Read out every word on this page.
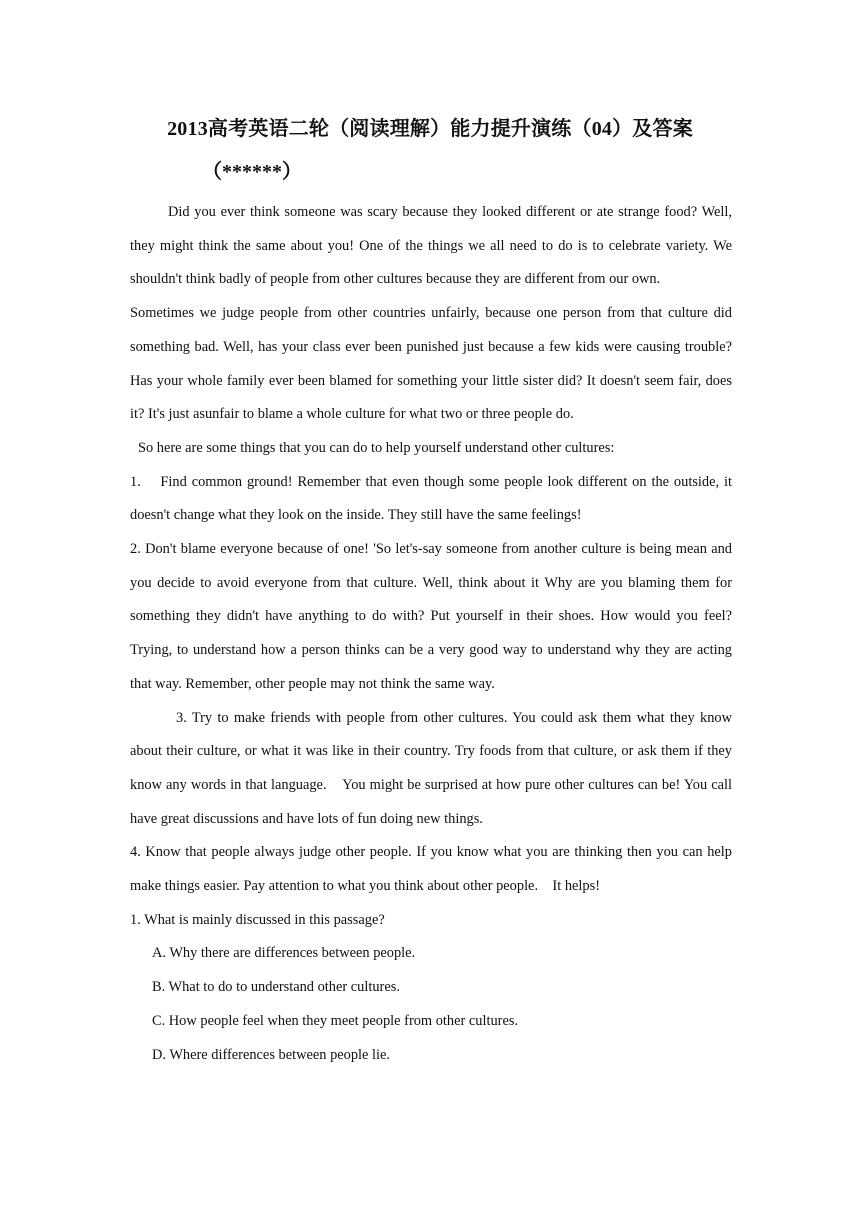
2013高考英语二轮（阅读理解）能力提升演练（04）及答案
（******）

Did you ever think someone was scary because they looked different or ate strange food? Well, they might think the same about you! One of the things we all need to do is to celebrate variety. We shouldn't think badly of people from other cultures because they are different from our own.

Sometimes we judge people from other countries unfairly, because one person from that culture did something bad. Well, has your class ever been punished just because a few kids were causing trouble? Has your whole family ever been blamed for something your little sister did? It doesn't seem fair, does it? It's just asunfair to blame a whole culture for what two or three people do.

So here are some things that you can do to help yourself understand other cultures:

1.    Find common ground! Remember that even though some people look different on the outside, it doesn't change what they look on the inside. They still have the same feelings!

2. Don't blame everyone because of one! 'So let's-say someone from another culture is being mean and you decide to avoid everyone from that culture. Well, think about it Why are you blaming them for something they didn't have anything to do with? Put yourself in their shoes. How would you feel? Trying, to understand how a person thinks can be a very good way to understand why they are acting that way. Remember, other people may not think the same way.

3. Try to make friends with people from other cultures. You could ask them what they know about their culture, or what it was like in their country. Try foods from that culture, or ask them if they know any words in that language.    You might be surprised at how pure other cultures can be! You call have great discussions and have lots of fun doing new things.

4. Know that people always judge other people. If you know what you are thinking then you can help make things easier. Pay attention to what you think about other people.    It helps!

1. What is mainly discussed in this passage?

A. Why there are differences between people.

B. What to do to understand other cultures.

C. How people feel when they meet people from other cultures.

D. Where differences between people lie.
